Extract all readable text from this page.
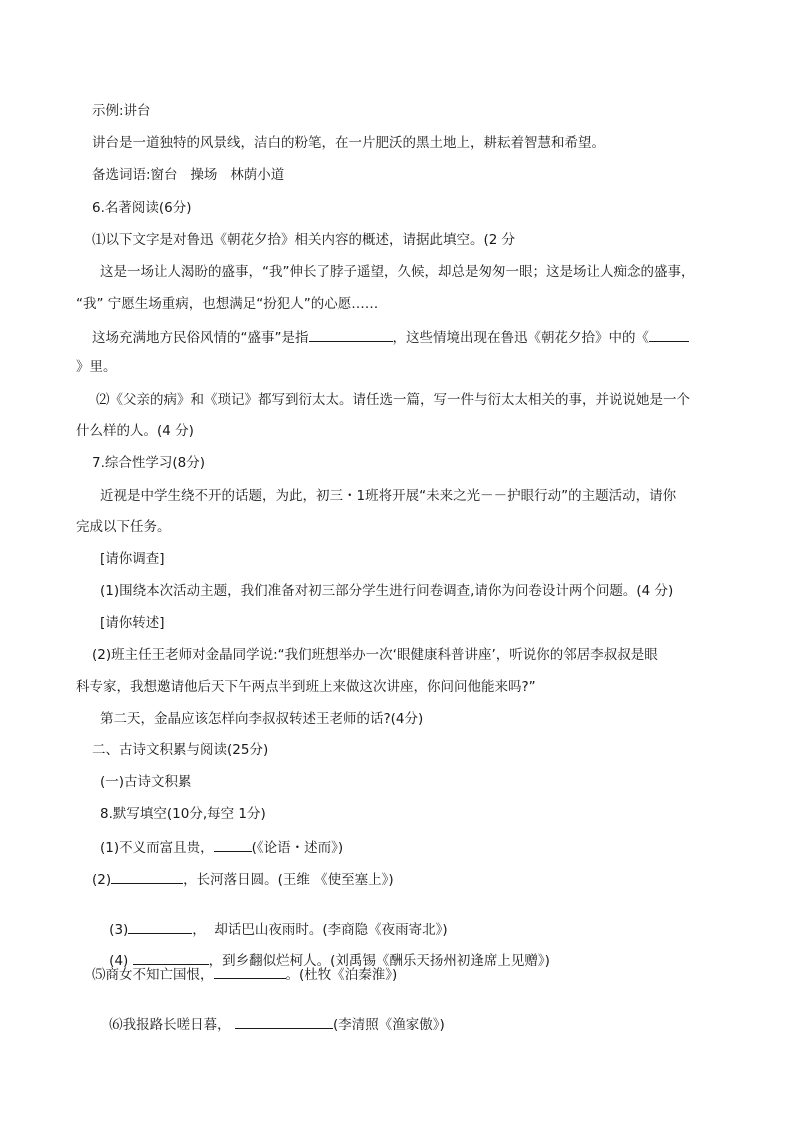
示例:讲台
讲台是一道独特的风景线，洁白的粉笔，在一片肥沃的黑土地上，耕耘着智慧和希望。
备选词语:窗台   操场   林荫小道
6.名著阅读(6分)
⑴以下文字是对鲁迅《朝花夕拾》相关内容的概述，请据此填空。(2 分
这是一场让人渴盼的盛事，“我”伸长了脖子遥望，久候，却总是匆匆一眼；这是场让人痴念的盛事，
“我” 宁愿生场重病，也想满足“扮犯人”的心愿……
这场充满地方民俗风情的“盛事”是指	，这些情境出现在鲁迅《朝花夕拾》中的《
》里。
⑵《父亲的病》和《琐记》都写到衍太太。请任选一篇，写一件与衍太太相关的事，并说说她是一个
什么样的人。(4 分)
7.综合性学习(8分)
近视是中学生绕不开的话题，为此，初三・1班将开展“未来之光－－护眼行动”的主题活动，请你
完成以下任务。
[请你调查]
(1)围绕本次活动主题，我们准备对初三部分学生进行问卷调查,请你为问卷设计两个问题。(4 分)
[请你转述]
(2)班主任王老师对金晶同学说:“我们班想举办一次‘眼健康科普讲座’，听说你的邻居李叔叔是眼
科专家，我想邀请他后天下午两点半到班上来做这次讲座，你问问他能来吗?”
第二天，金晶应该怎样向李叔叔转述王老师的话?(4分)
二、古诗文积累与阅读(25分)
(一)古诗文积累
8.默写填空(10分,每空 1分)
(1)不义而富且贵，	(《论语・述而》)
(2)	，长河落日圆。(王维 《使至塞上》)

(3)	，  却话巴山夜雨时。(李商隐《夜雨寄北》)

(4)	，到乡翻似烂柯人。(刘禹锡《酬乐天扬州初逢席上见赠》)

⑸商女不知亡国恨，	。(杜牧《泊秦淮》)

⑹我报路长嗟日暮，	(李清照《渔家傲》)
